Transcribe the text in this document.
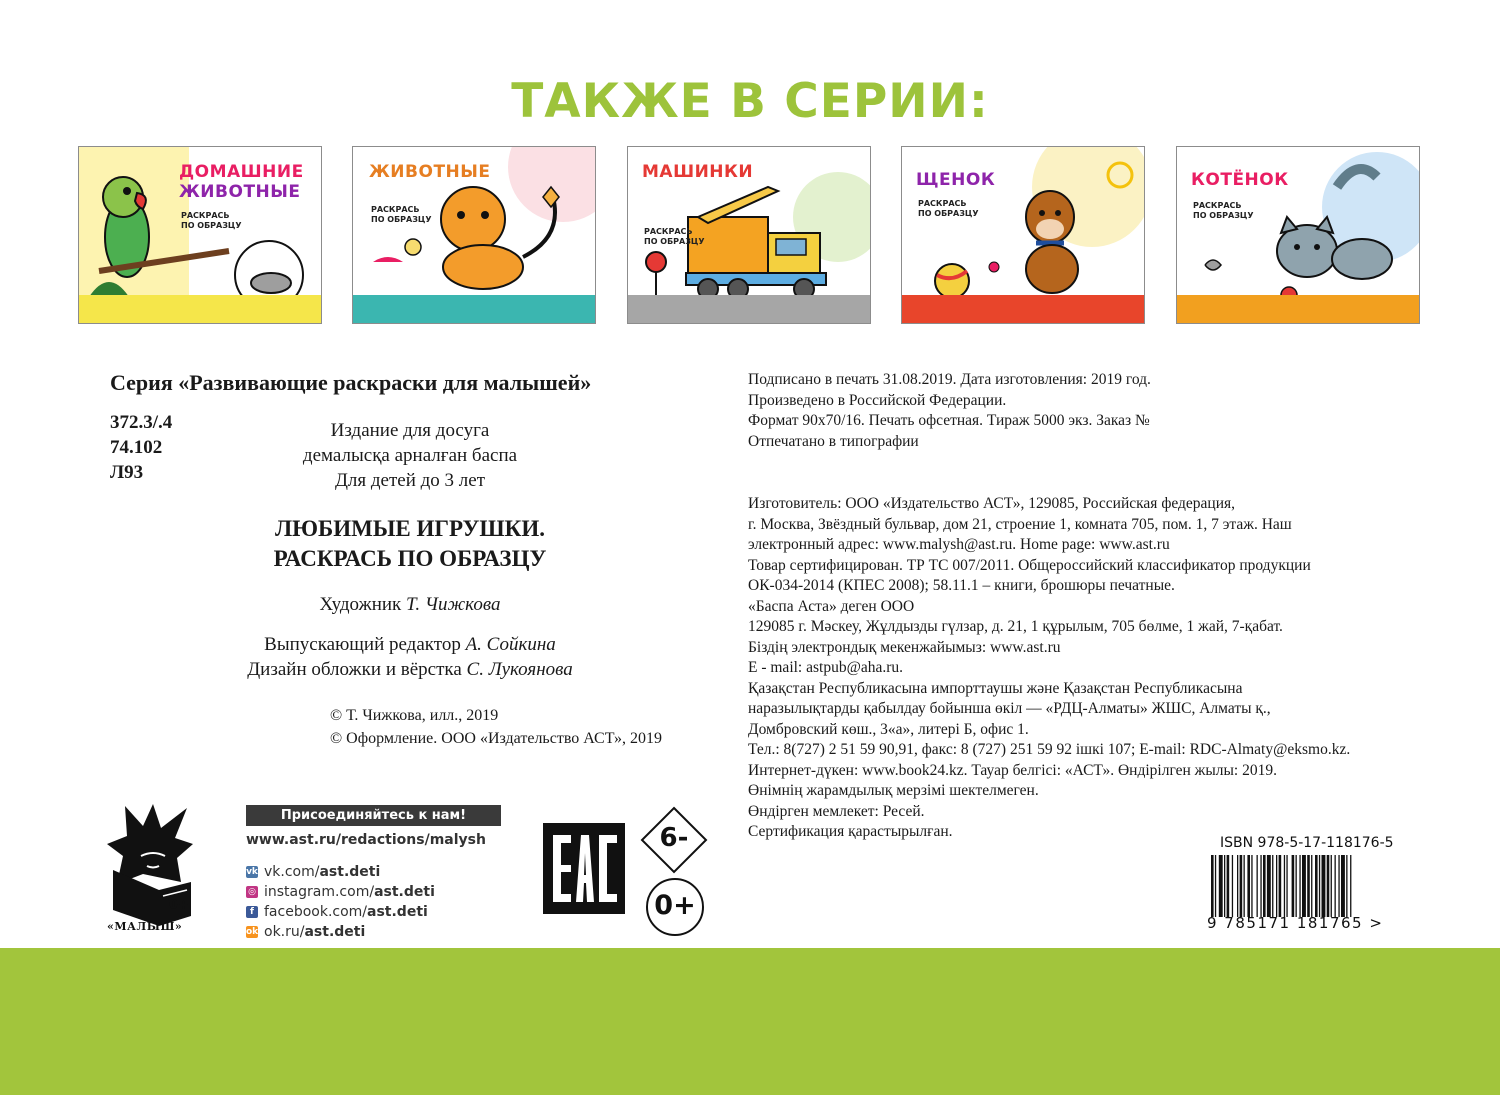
ТАКЖЕ В СЕРИИ:
ДОМАШНИЕ
ЖИВОТНЫЕ
РАСКРАСЬ
ПО ОБРАЗЦУ
ЖИВОТНЫЕ
РАСКРАСЬ
ПО ОБРАЗЦУ
МАШИНКИ
РАСКРАСЬ
ПО ОБРАЗЦУ
ЩЕНОК
РАСКРАСЬ
ПО ОБРАЗЦУ
КОТЁНОК
РАСКРАСЬ
ПО ОБРАЗЦУ
Серия «Развивающие раскраски для малышей»
372.3/.4
74.102
Л93
Издание для досуга
демалысқа арналған баспа
Для детей до 3 лет
ЛЮБИМЫЕ ИГРУШКИ.
РАСКРАСЬ ПО ОБРАЗЦУ
Художник Т. Чижкова
Выпускающий редактор А. Сойкина
Дизайн обложки и вёрстка С. Лукоянова
© Т. Чижкова, илл., 2019
© Оформление. ООО «Издательство АСТ», 2019
Подписано в печать 31.08.2019. Дата изготовления: 2019 год.
Произведено в Российской Федерации.
Формат 90x70/16. Печать офсетная. Тираж 5000 экз. Заказ №
Отпечатано в типографии
Изготовитель: ООО «Издательство АСТ», 129085, Российская федерация,
г. Москва, Звёздный бульвар, дом 21, строение 1, комната 705, пом. 1, 7 этаж. Наш
электронный адрес: www.malysh@ast.ru. Home page: www.ast.ru
Товар сертифицирован. ТР ТС 007/2011. Общероссийский классификатор продукции
ОК-034-2014 (КПЕС 2008); 58.11.1 – книги, брошюры печатные.
«Баспа Аста» деген ООО
129085 г. Мәскеу, Жұлдызды гүлзар, д. 21, 1 құрылым, 705 бөлме, 1 жай, 7-қабат.
Біздің электрондық мекенжайымыз: www.ast.ru
E - mail: astpub@aha.ru.
Қазақстан Республикасына импорттаушы және Қазақстан Республикасына
наразылықтарды қабылдау бойынша өкіл — «РДЦ-Алматы» ЖШС, Алматы қ.,
Домбровский көш., 3«а», литері Б, офис 1.
Тел.: 8(727) 2 51 59 90,91, факс: 8 (727) 251 59 92 ішкі 107; E-mail: RDC-Almaty@eksmo.kz.
Интернет-дүкен: www.book24.kz. Тауар белгісі: «АСТ». Өндірілген жылы: 2019.
Өнімнің жарамдылық мерзімі шектелмеген.
Өндірген мемлекет: Ресей.
Сертификация қарастырылған.
0+
«МАЛЫШ»
Присоединяйтесь к нам!
www.ast.ru/redactions/malysh
vk vk.com/ ast.deti
◎ instagram.com/ ast.deti
f facebook.com/ ast.deti
ok ok.ru/ ast.deti
6-
0+
ISBN 978-5-17-118176-5
9 785171 181765 >
